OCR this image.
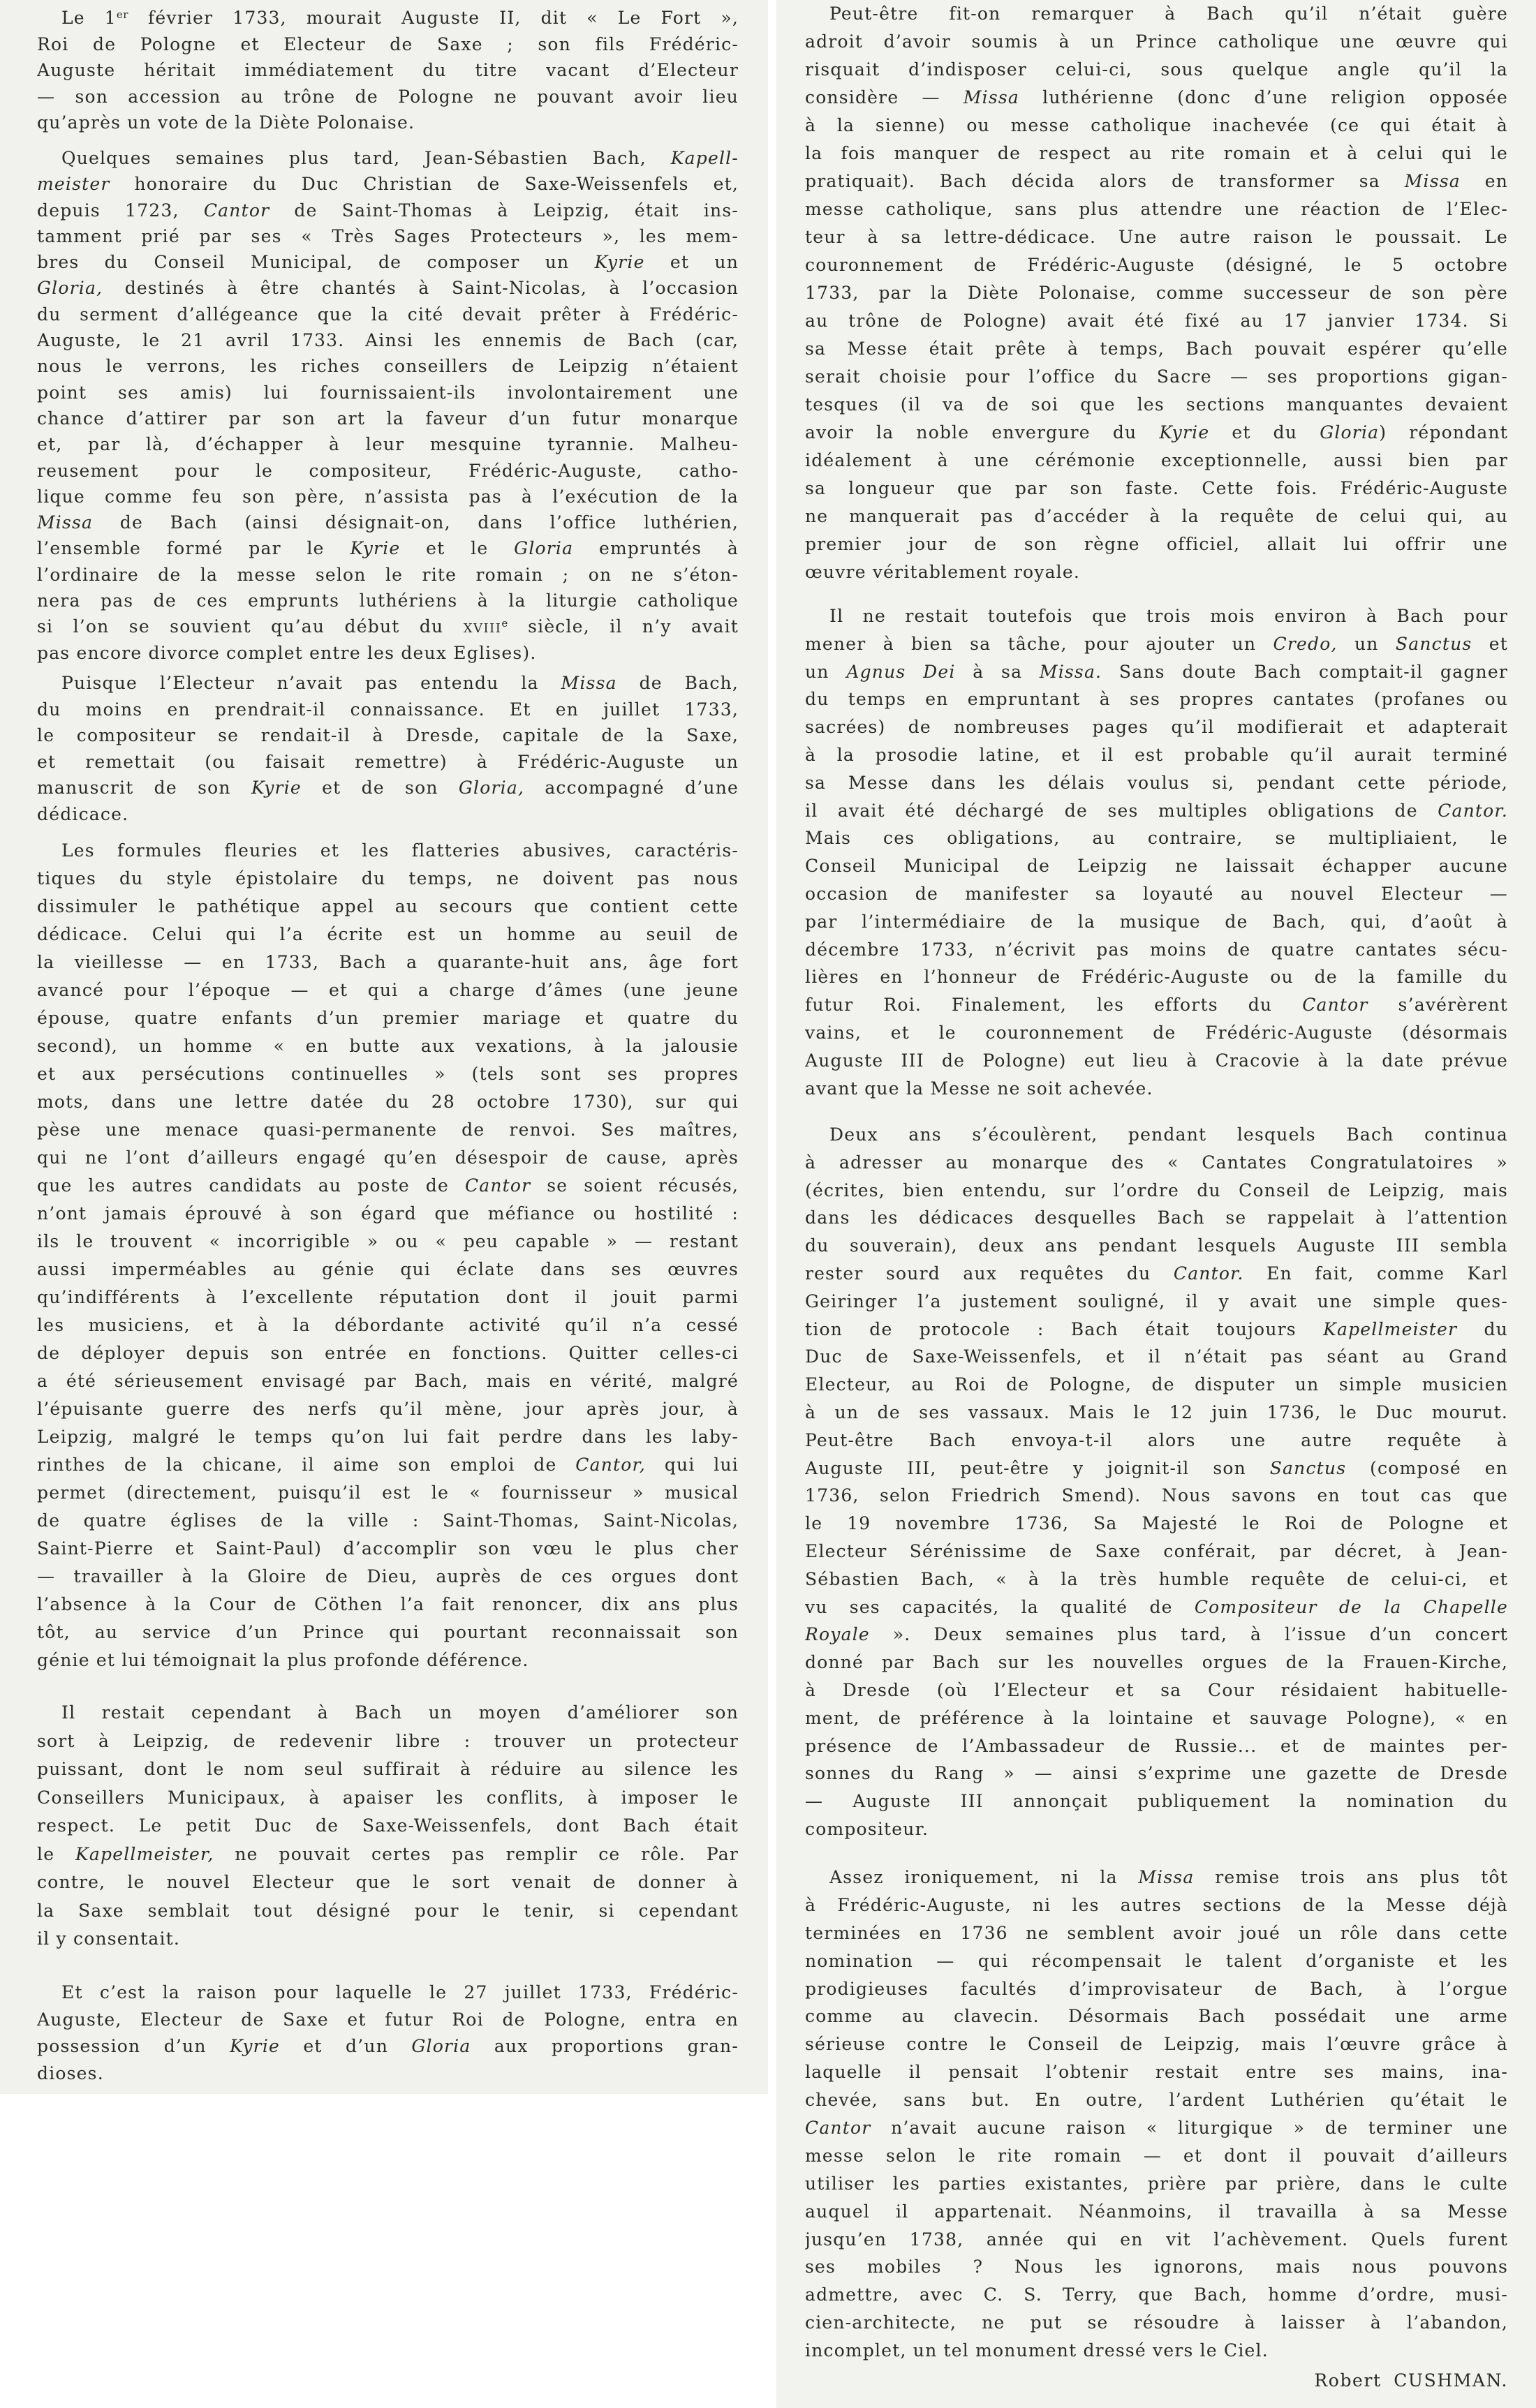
Le 1er février 1733, mourait Auguste II, dit « Le Fort »,
Roi de Pologne et Electeur de Saxe ; son fils Frédéric-
Auguste héritait immédiatement du titre vacant d’Electeur
— son accession au trône de Pologne ne pouvant avoir lieu
qu’après un vote de la Diète Polonaise.
Quelques semaines plus tard, Jean-Sébastien Bach, Kapell-
meister honoraire du Duc Christian de Saxe-Weissenfels et,
depuis 1723, Cantor de Saint-Thomas à Leipzig, était ins-
tamment prié par ses « Très Sages Protecteurs », les mem-
bres du Conseil Municipal, de composer un Kyrie et un
Gloria, destinés à être chantés à Saint-Nicolas, à l’occasion
du serment d’allégeance que la cité devait prêter à Frédéric-
Auguste, le 21 avril 1733. Ainsi les ennemis de Bach (car,
nous le verrons, les riches conseillers de Leipzig n’étaient
point ses amis) lui fournissaient-ils involontairement une
chance d’attirer par son art la faveur d’un futur monarque
et, par là, d’échapper à leur mesquine tyrannie. Malheu-
reusement pour le compositeur, Frédéric-Auguste, catho-
lique comme feu son père, n’assista pas à l’exécution de la
Missa de Bach (ainsi désignait-on, dans l’office luthérien,
l’ensemble formé par le Kyrie et le Gloria empruntés à
l’ordinaire de la messe selon le rite romain ; on ne s’éton-
nera pas de ces emprunts luthériens à la liturgie catholique
si l’on se souvient qu’au début du xviii$^e$ siècle, il n’y avait
pas encore divorce complet entre les deux Eglises).
Puisque l’Electeur n’avait pas entendu la Missa de Bach,
du moins en prendrait-il connaissance. Et en juillet 1733,
le compositeur se rendait-il à Dresde, capitale de la Saxe,
et remettait (ou faisait remettre) à Frédéric-Auguste un
manuscrit de son Kyrie et de son Gloria, accompagné d’une
dédicace.
Les formules fleuries et les flatteries abusives, caractéris-
tiques du style épistolaire du temps, ne doivent pas nous
dissimuler le pathétique appel au secours que contient cette
dédicace. Celui qui l’a écrite est un homme au seuil de
la vieillesse — en 1733, Bach a quarante-huit ans, âge fort
avancé pour l’époque — et qui a charge d’âmes (une jeune
épouse, quatre enfants d’un premier mariage et quatre du
second), un homme « en butte aux vexations, à la jalousie
et aux persécutions continuelles » (tels sont ses propres
mots, dans une lettre datée du 28 octobre 1730), sur qui
pèse une menace quasi-permanente de renvoi. Ses maîtres,
qui ne l’ont d’ailleurs engagé qu’en désespoir de cause, après
que les autres candidats au poste de Cantor se soient récusés,
n’ont jamais éprouvé à son égard que méfiance ou hostilité :
ils le trouvent « incorrigible » ou « peu capable » — restant
aussi imperméables au génie qui éclate dans ses œuvres
qu’indifférents à l’excellente réputation dont il jouit parmi
les musiciens, et à la débordante activité qu’il n’a cessé
de déployer depuis son entrée en fonctions. Quitter celles-ci
a été sérieusement envisagé par Bach, mais en vérité, malgré
l’épuisante guerre des nerfs qu’il mène, jour après jour, à
Leipzig, malgré le temps qu’on lui fait perdre dans les laby-
rinthes de la chicane, il aime son emploi de Cantor, qui lui
permet (directement, puisqu’il est le « fournisseur » musical
de quatre églises de la ville : Saint-Thomas, Saint-Nicolas,
Saint-Pierre et Saint-Paul) d’accomplir son vœu le plus cher
— travailler à la Gloire de Dieu, auprès de ces orgues dont
l’absence à la Cour de Cöthen l’a fait renoncer, dix ans plus
tôt, au service d’un Prince qui pourtant reconnaissait son
génie et lui témoignait la plus profonde déférence.
Il restait cependant à Bach un moyen d’améliorer son
sort à Leipzig, de redevenir libre : trouver un protecteur
puissant, dont le nom seul suffirait à réduire au silence les
Conseillers Municipaux, à apaiser les conflits, à imposer le
respect. Le petit Duc de Saxe-Weissenfels, dont Bach était
le Kapellmeister, ne pouvait certes pas remplir ce rôle. Par
contre, le nouvel Electeur que le sort venait de donner à
la Saxe semblait tout désigné pour le tenir, si cependant
il y consentait.
Et c’est la raison pour laquelle le 27 juillet 1733, Frédéric-
Auguste, Electeur de Saxe et futur Roi de Pologne, entra en
possession d’un Kyrie et d’un Gloria aux proportions gran-
dioses.
Robert CUSHMAN.
Peut-être fit-on remarquer à Bach qu’il n’était guère
adroit d’avoir soumis à un Prince catholique une œuvre qui
risquait d’indisposer celui-ci, sous quelque angle qu’il la
considère — Missa luthérienne (donc d’une religion opposée
à la sienne) ou messe catholique inachevée (ce qui était à
la fois manquer de respect au rite romain et à celui qui le
pratiquait). Bach décida alors de transformer sa Missa en
messe catholique, sans plus attendre une réaction de l’Elec-
teur à sa lettre-dédicace. Une autre raison le poussait. Le
couronnement de Frédéric-Auguste (désigné, le 5 octobre
1733, par la Diète Polonaise, comme successeur de son père
au trône de Pologne) avait été fixé au 17 janvier 1734. Si
sa Messe était prête à temps, Bach pouvait espérer qu’elle
serait choisie pour l’office du Sacre — ses proportions gigan-
tesques (il va de soi que les sections manquantes devaient
avoir la noble envergure du Kyrie et du Gloria) répondant
idéalement à une cérémonie exceptionnelle, aussi bien par
sa longueur que par son faste. Cette fois. Frédéric-Auguste
ne manquerait pas d’accéder à la requête de celui qui, au
premier jour de son règne officiel, allait lui offrir une
œuvre véritablement royale.
Il ne restait toutefois que trois mois environ à Bach pour
mener à bien sa tâche, pour ajouter un Credo, un Sanctus et
un Agnus Dei à sa Missa. Sans doute Bach comptait-il gagner
du temps en empruntant à ses propres cantates (profanes ou
sacrées) de nombreuses pages qu’il modifierait et adapterait
à la prosodie latine, et il est probable qu’il aurait terminé
sa Messe dans les délais voulus si, pendant cette période,
il avait été déchargé de ses multiples obligations de Cantor.
Mais ces obligations, au contraire, se multipliaient, le
Conseil Municipal de Leipzig ne laissait échapper aucune
occasion de manifester sa loyauté au nouvel Electeur —
par l’intermédiaire de la musique de Bach, qui, d’août à
décembre 1733, n’écrivit pas moins de quatre cantates sécu-
lières en l’honneur de Frédéric-Auguste ou de la famille du
futur Roi. Finalement, les efforts du Cantor s’avérèrent
vains, et le couronnement de Frédéric-Auguste (désormais
Auguste III de Pologne) eut lieu à Cracovie à la date prévue
avant que la Messe ne soit achevée.
Deux ans s’écoulèrent, pendant lesquels Bach continua
à adresser au monarque des « Cantates Congratulatoires »
(écrites, bien entendu, sur l’ordre du Conseil de Leipzig, mais
dans les dédicaces desquelles Bach se rappelait à l’attention
du souverain), deux ans pendant lesquels Auguste III sembla
rester sourd aux requêtes du Cantor. En fait, comme Karl
Geiringer l’a justement souligné, il y avait une simple ques-
tion de protocole : Bach était toujours Kapellmeister du
Duc de Saxe-Weissenfels, et il n’était pas séant au Grand
Electeur, au Roi de Pologne, de disputer un simple musicien
à un de ses vassaux. Mais le 12 juin 1736, le Duc mourut.
Peut-être Bach envoya-t-il alors une autre requête à
Auguste III, peut-être y joignit-il son Sanctus (composé en
1736, selon Friedrich Smend). Nous savons en tout cas que
le 19 novembre 1736, Sa Majesté le Roi de Pologne et
Electeur Sérénissime de Saxe conférait, par décret, à Jean-
Sébastien Bach, « à la très humble requête de celui-ci, et
vu ses capacités, la qualité de Compositeur de la Chapelle
Royale ». Deux semaines plus tard, à l’issue d’un concert
donné par Bach sur les nouvelles orgues de la Frauen-Kirche,
à Dresde (où l’Electeur et sa Cour résidaient habituelle-
ment, de préférence à la lointaine et sauvage Pologne), « en
présence de l’Ambassadeur de Russie... et de maintes per-
sonnes du Rang » — ainsi s’exprime une gazette de Dresde
— Auguste III annonçait publiquement la nomination du
compositeur.
Assez ironiquement, ni la Missa remise trois ans plus tôt
à Frédéric-Auguste, ni les autres sections de la Messe déjà
terminées en 1736 ne semblent avoir joué un rôle dans cette
nomination — qui récompensait le talent d’organiste et les
prodigieuses facultés d’improvisateur de Bach, à l’orgue
comme au clavecin. Désormais Bach possédait une arme
sérieuse contre le Conseil de Leipzig, mais l’œuvre grâce à
laquelle il pensait l’obtenir restait entre ses mains, ina-
chevée, sans but. En outre, l’ardent Luthérien qu’était le
Cantor n’avait aucune raison « liturgique » de terminer une
messe selon le rite romain — et dont il pouvait d’ailleurs
utiliser les parties existantes, prière par prière, dans le culte
auquel il appartenait. Néanmoins, il travailla à sa Messe
jusqu’en 1738, année qui en vit l’achèvement. Quels furent
ses mobiles ? Nous les ignorons, mais nous pouvons
admettre, avec C. S. Terry, que Bach, homme d’ordre, musi-
cien-architecte, ne put se résoudre à laisser à l’abandon,
incomplet, un tel monument dressé vers le Ciel.
